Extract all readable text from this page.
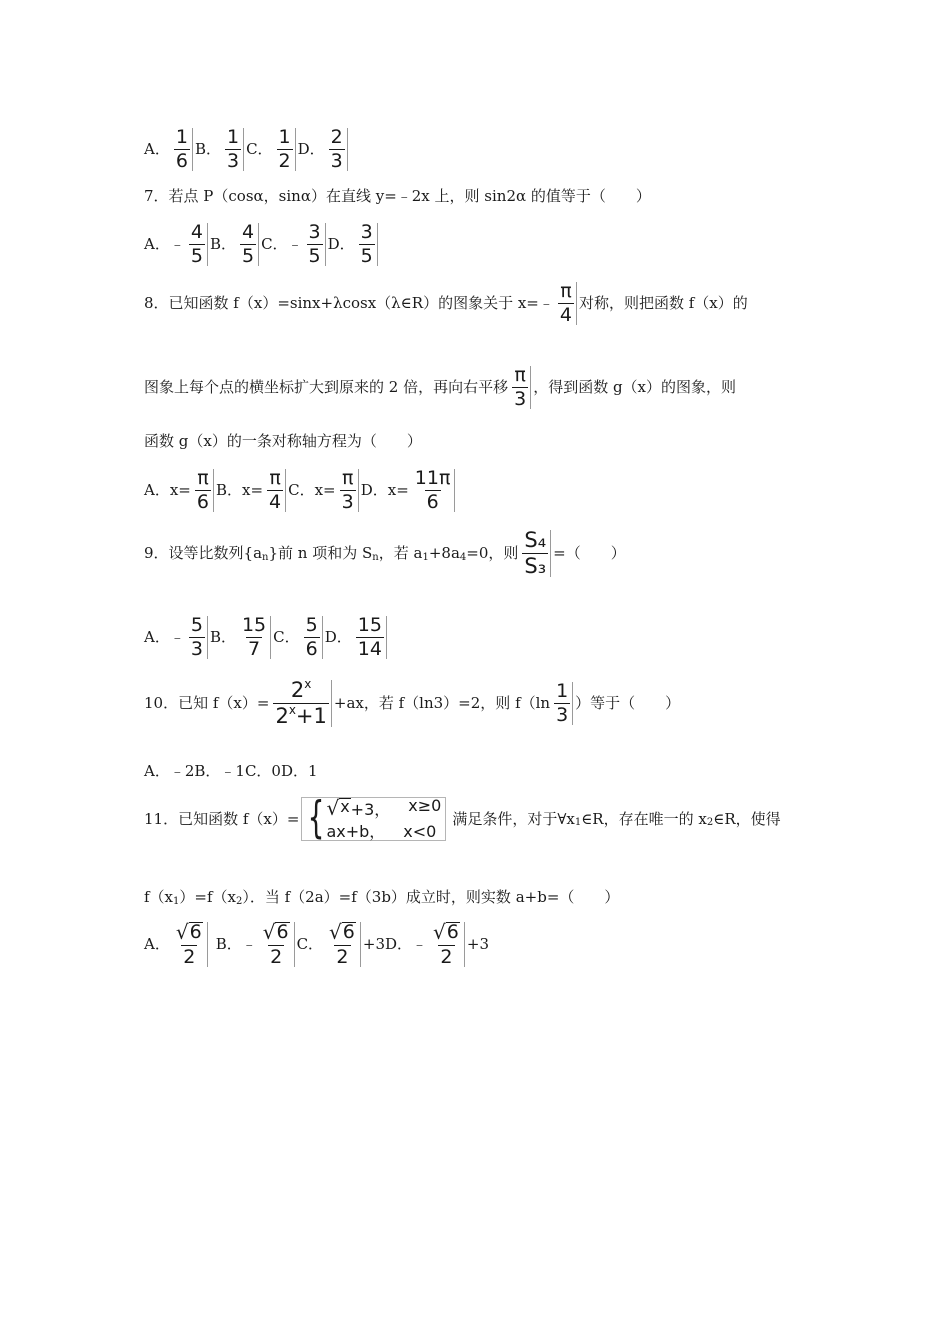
A． $\frac{1}{6}$ B． $\frac{1}{3}$ C． $\frac{1}{2}$ D． $\frac{2}{3}$
7．若点 P（cosα，sinα）在直线 y=﹣2x 上，则 sin2α 的值等于（　　）
A．﹣ $\frac{4}{5}$ B． $\frac{4}{5}$ C．﹣ $\frac{3}{5}$ D． $\frac{3}{5}$
8．已知函数 f（x）=sinx+λcosx（λ∈R）的图象关于 x=﹣ $\frac{\pi}{4}$ 对称，则把函数 f（x）的
图象上每个点的横坐标扩大到原来的 2 倍，再向右平移 $\frac{\pi}{3}$ ，得到函数 g（x）的图象，则
函数 g（x）的一条对称轴方程为（　　）
A．$x= \frac{\pi}{6}$ B．$x= \frac{\pi}{4}$ C．$x= \frac{\pi}{3}$ D．$x= \frac{11\pi}{6}$
9．设等比数列{a n }前 n 项和为 S n ，若 a 1 +8a 4 =0，则 $\frac{\text{S₄}}{\text{S₃}}$ =（　　）
A．﹣ $\frac{5}{3}$ B． $\frac{15}{7}$ C． $\frac{5}{6}$ D． $\frac{15}{14}$
10．已知 $f(x)= \frac{2^x}{2^x+1} +ax$，若 f（ln3）=2，则 $f(\ln \frac{1}{3}$ ）等于（　　）
A．﹣2B．﹣1C．0D．1
11．已知函数 f（x）= { √ x +3， x≥0
ax+b， x<0
满足条件，对于∀x 1 ∈R，存在唯一的 x 2 ∈R，使得
f（x 1 ）=f（x 2 ）．当 f（2a）=f（3b）成立时，则实数 a+b=（　　）
A． $\frac{√ 6}{2}$ B．﹣ $\frac{√ 6}{2}$ C． $\frac{√ 6}{2} +3$ D．﹣ $\frac{√ 6}{2} +3$
